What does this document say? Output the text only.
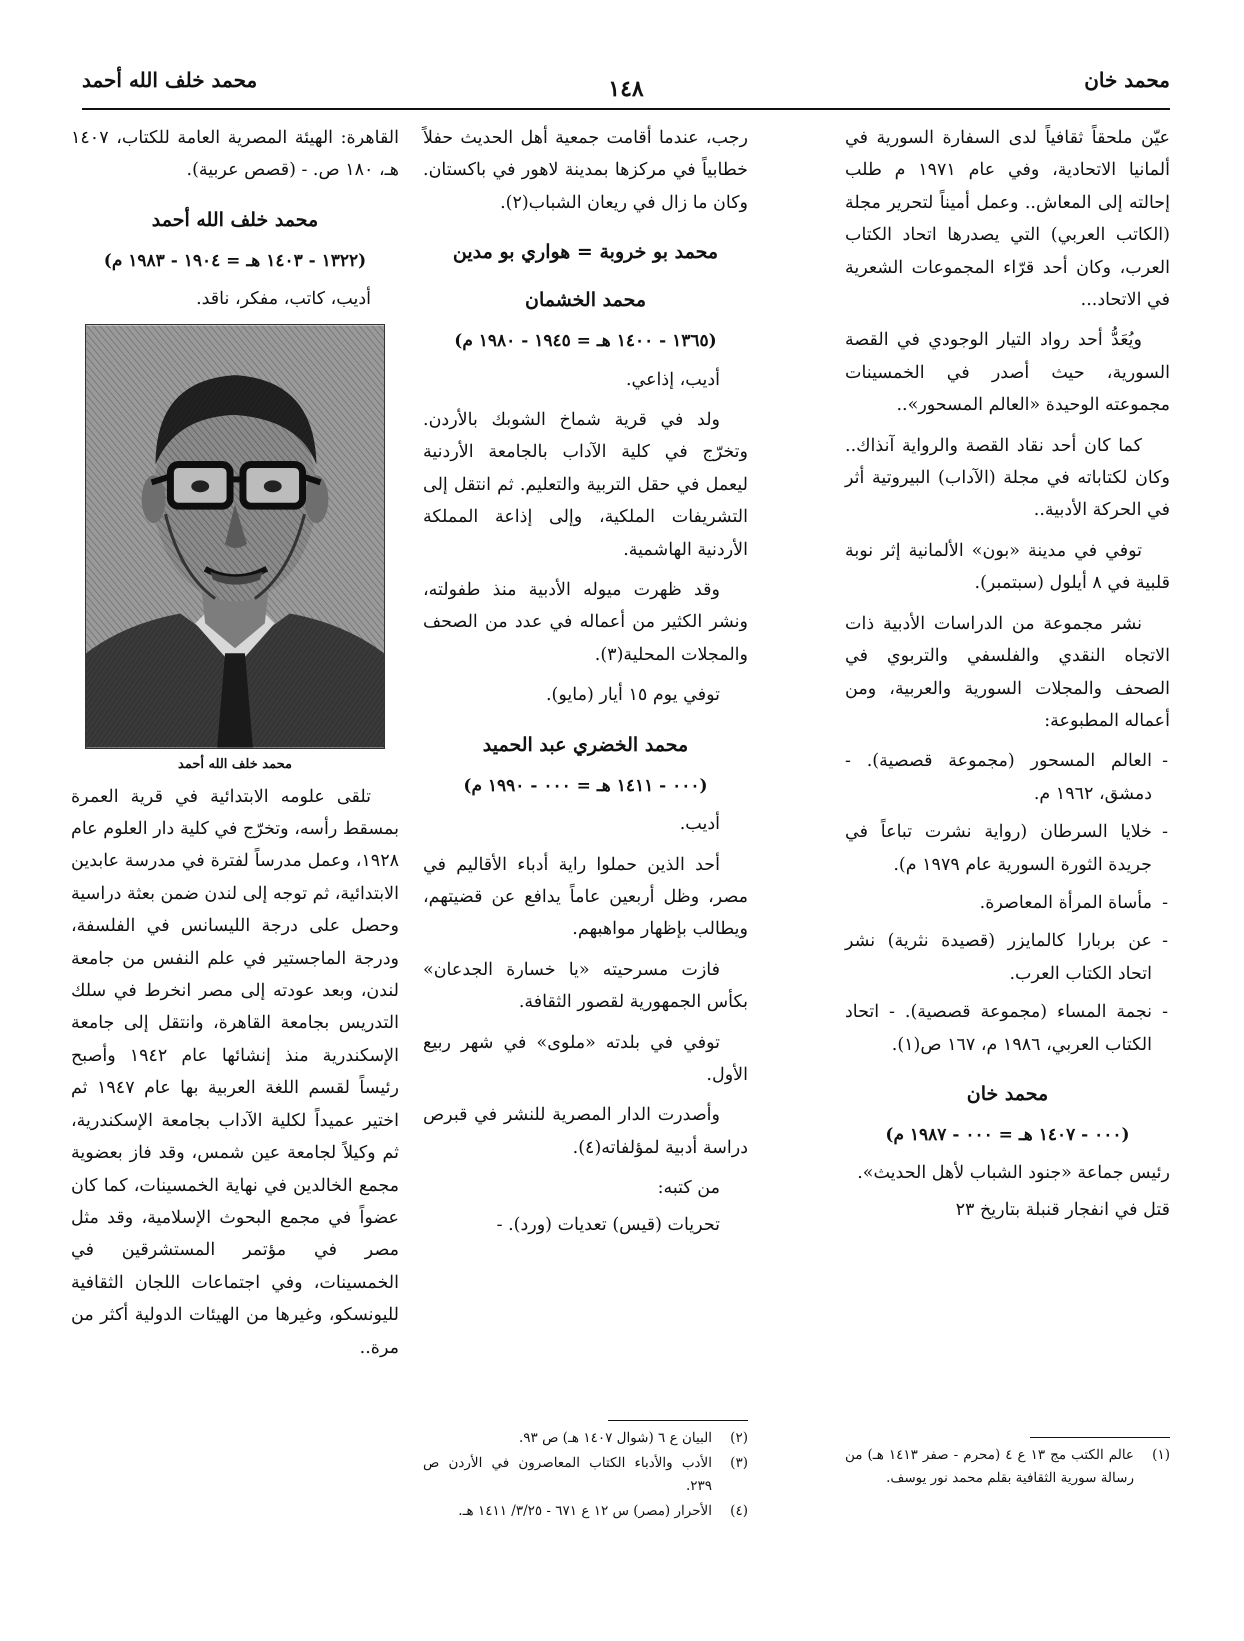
محمد خان
١٤٨
محمد خلف الله أحمد

عيّن ملحقاً ثقافياً لدى السفارة السورية في ألمانيا الاتحادية، وفي عام ١٩٧١ م طلب إحالته إلى المعاش.. وعمل أميناً لتحرير مجلة (الكاتب العربي) التي يصدرها اتحاد الكتاب العرب، وكان أحد قرّاء المجموعات الشعرية في الاتحاد...

ويُعَدُّ أحد رواد التيار الوجودي في القصة السورية، حيث أصدر في الخمسينات مجموعته الوحيدة «العالم المسحور»..

كما كان أحد نقاد القصة والرواية آنذاك.. وكان لكتاباته في مجلة (الآداب) البيروتية أثر في الحركة الأدبية..

توفي في مدينة «بون» الألمانية إثر نوبة قلبية في ٨ أيلول (سبتمبر).

نشر مجموعة من الدراسات الأدبية ذات الاتجاه النقدي والفلسفي والتربوي في الصحف والمجلات السورية والعربية، ومن أعماله المطبوعة:

- العالم المسحور (مجموعة قصصية). - دمشق، ١٩٦٢ م.
- خلايا السرطان (رواية نشرت تباعاً في جريدة الثورة السورية عام ١٩٧٩ م).
- مأساة المرأة المعاصرة.
- عن بربارا كالمايزر (قصيدة نثرية) نشر اتحاد الكتاب العرب.
- نجمة المساء (مجموعة قصصية). - اتحاد الكتاب العربي، ١٩٨٦ م، ١٦٧ ص(١).
محمد خان
(٠٠٠ - ١٤٠٧ هـ = ٠٠٠ - ١٩٨٧ م)

رئيس جماعة «جنود الشباب لأهل الحديث».

قتل في انفجار قنبلة بتاريخ ٢٣

(١)
عالم الكتب مج ١٣ ع ٤ (محرم - صفر ١٤١٣ هـ) من رسالة سورية الثقافية بقلم محمد نور يوسف.

رجب، عندما أقامت جمعية أهل الحديث حفلاً خطابياً في مركزها بمدينة لاهور في باكستان. وكان ما زال في ريعان الشباب(٢).

محمد بو خروبة = هواري بو مدين
محمد الخشمان
(١٣٦٥ - ١٤٠٠ هـ = ١٩٤٥ - ١٩٨٠ م)

أديب، إذاعي.

ولد في قرية شماخ الشوبك بالأردن. وتخرّج في كلية الآداب بالجامعة الأردنية ليعمل في حقل التربية والتعليم. ثم انتقل إلى التشريفات الملكية، وإلى إذاعة المملكة الأردنية الهاشمية.

وقد ظهرت ميوله الأدبية منذ طفولته، ونشر الكثير من أعماله في عدد من الصحف والمجلات المحلية(٣).

توفي يوم ١٥ أيار (مايو).

محمد الخضري عبد الحميد
(٠٠٠ - ١٤١١ هـ = ٠٠٠ - ١٩٩٠ م)

أديب.

أحد الذين حملوا راية أدباء الأقاليم في مصر، وظل أربعين عاماً يدافع عن قضيتهم، ويطالب بإظهار مواهبهم.

فازت مسرحيته «يا خسارة الجدعان» بكأس الجمهورية لقصور الثقافة.

توفي في بلدته «ملوى» في شهر ربيع الأول.

وأصدرت الدار المصرية للنشر في قبرص دراسة أدبية لمؤلفاته(٤).

من كتبه:

تحريات (قيس) تعديات (ورد). -

(٢)
البيان ع ٦ (شوال ١٤٠٧ هـ) ص ٩٣.
(٣)
الأدب والأدباء الكتاب المعاصرون في الأردن ص ٢٣٩.
(٤)
الأحرار (مصر) س ١٢ ع ٦٧١ - ٣/٢٥/ ١٤١١ هـ.

القاهرة: الهيئة المصرية العامة للكتاب، ١٤٠٧ هـ، ١٨٠ ص. - (قصص عربية).

محمد خلف الله أحمد
(١٣٢٢ - ١٤٠٣ هـ = ١٩٠٤ - ١٩٨٣ م)

أديب، كاتب، مفكر، ناقد.

محمد خلف الله أحمد

تلقى علومه الابتدائية في قرية العمرة بمسقط رأسه، وتخرّج في كلية دار العلوم عام ١٩٢٨، وعمل مدرساً لفترة في مدرسة عابدين الابتدائية، ثم توجه إلى لندن ضمن بعثة دراسية وحصل على درجة الليسانس في الفلسفة، ودرجة الماجستير في علم النفس من جامعة لندن، وبعد عودته إلى مصر انخرط في سلك التدريس بجامعة القاهرة، وانتقل إلى جامعة الإسكندرية منذ إنشائها عام ١٩٤٢ وأصبح رئيساً لقسم اللغة العربية بها عام ١٩٤٧ ثم اختير عميداً لكلية الآداب بجامعة الإسكندرية، ثم وكيلاً لجامعة عين شمس، وقد فاز بعضوية مجمع الخالدين في نهاية الخمسينات، كما كان عضواً في مجمع البحوث الإسلامية، وقد مثل مصر في مؤتمر المستشرقين في الخمسينات، وفي اجتماعات اللجان الثقافية لليونسكو، وغيرها من الهيئات الدولية أكثر من مرة..
